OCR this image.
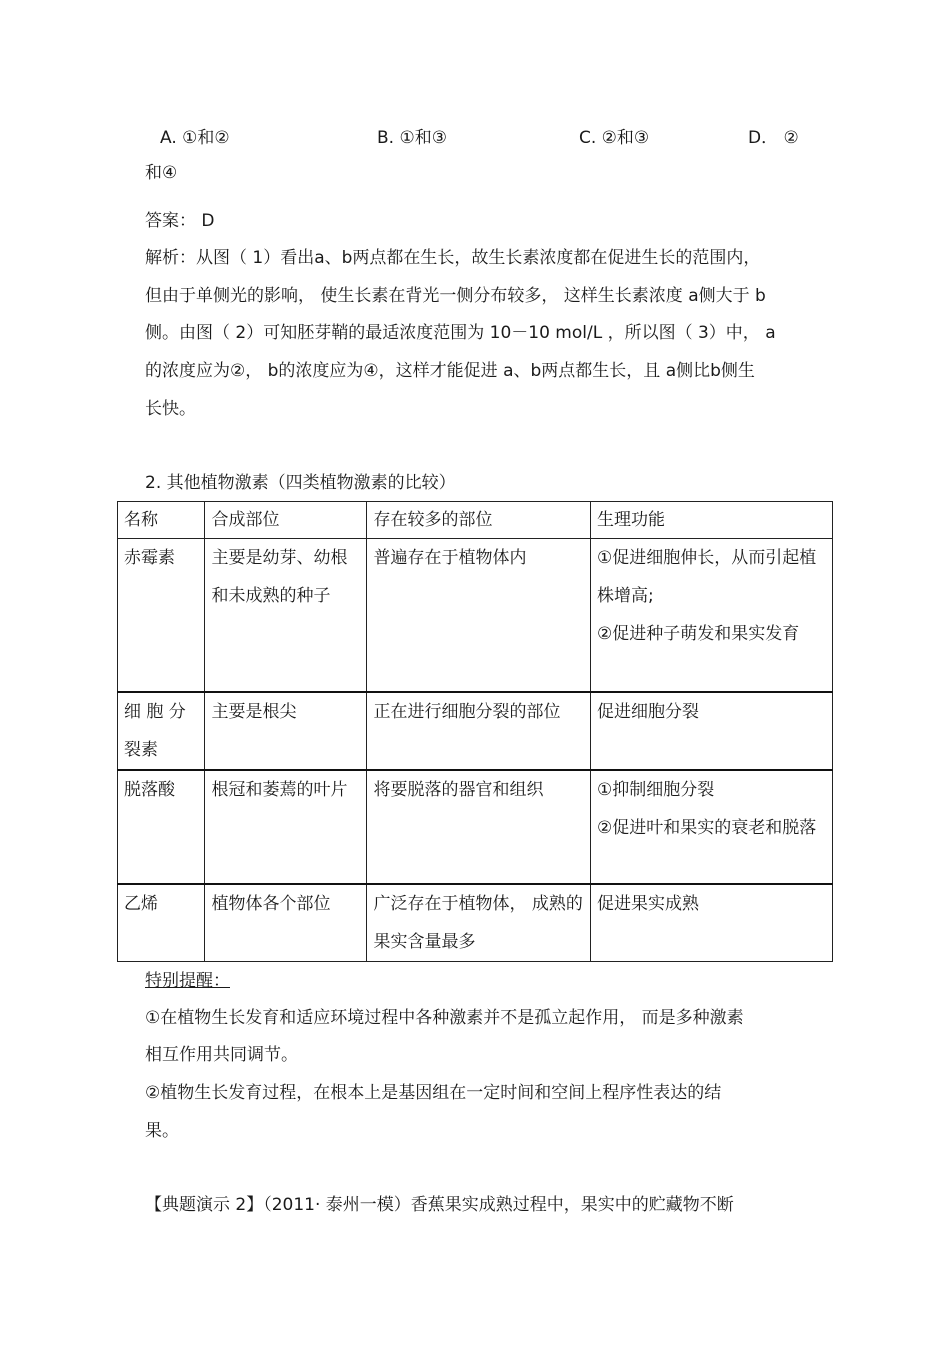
A. ①和②	B. ①和③	C. ②和③	D． ②
和④
答案： D
解析：从图（ 1）看出a、b两点都在生长，故生长素浓度都在促进生长的范围内，
但由于单侧光的影响， 使生长素在背光一侧分布较多， 这样生长素浓度 a侧大于 b
侧。由图（ 2）可知胚芽鞘的最适浓度范围为 10－10 mol/L ，所以图（ 3）中， a
的浓度应为②， b的浓度应为④，这样才能促进 a、b两点都生长，且 a侧比b侧生
长快。
2. 其他植物激素（四类植物激素的比较）
名称	合成部位	存在较多的部位	生理功能
赤霉素	主要是幼芽、幼根和未成熟的种子	普遍存在于植物体内	①促进细胞伸长，从而引起植株增高;
②促进种子萌发和果实发育
细 胞 分裂素	主要是根尖	正在进行细胞分裂的部位	促进细胞分裂
脱落酸	根冠和萎蔫的叶片	将要脱落的器官和组织	①抑制细胞分裂
②促进叶和果实的衰老和脱落
乙烯	植物体各个部位	广泛存在于植物体， 成熟的果实含量最多	促进果实成熟
特别提醒：
①在植物生长发育和适应环境过程中各种激素并不是孤立起作用， 而是多种激素
相互作用共同调节。
②植物生长发育过程，在根本上是基因组在一定时间和空间上程序性表达的结
果。
【典题演示 2】（2011· 泰州一模）香蕉果实成熟过程中，果实中的贮藏物不断
